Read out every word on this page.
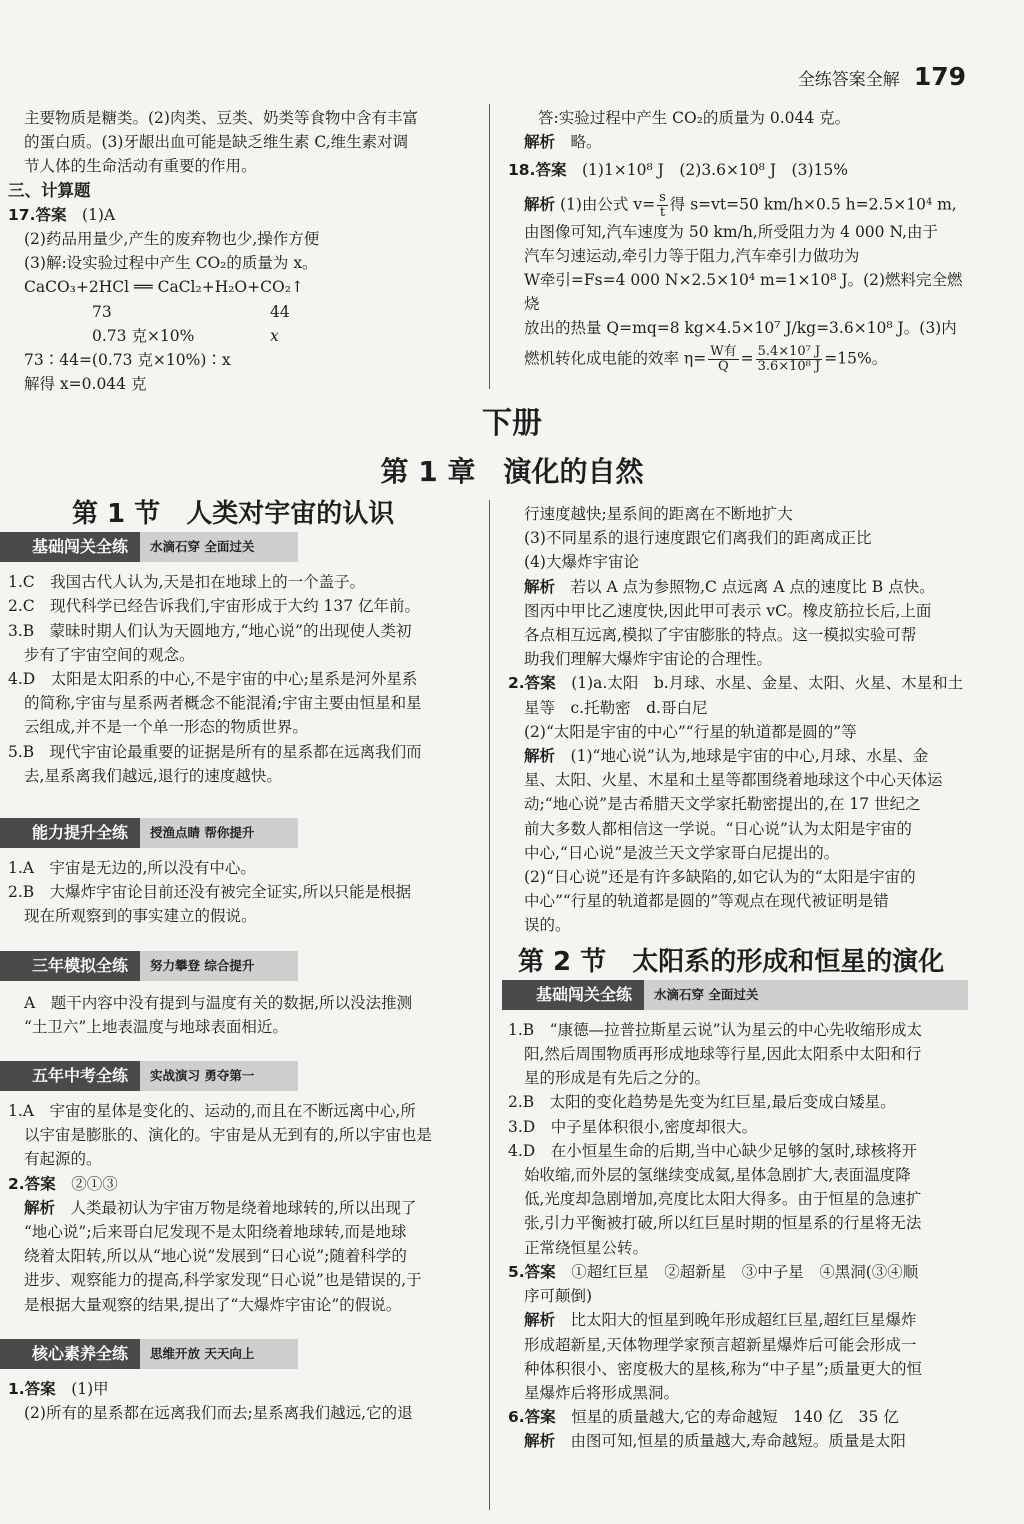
全练答案全解 179

主要物质是糖类。(2)肉类、豆类、奶类等食物中含有丰富

的蛋白质。(3)牙龈出血可能是缺乏维生素 C,维生素对调

节人体的生命活动有重要的作用。

三、计算题

17.答案　 (1)A

(2)药品用量少,产生的废弃物也少,操作方便

(3)解:设实验过程中产生 CO₂的质量为 x。

CaCO₃+2HCl ══ CaCl₂+H₂O+CO₂↑

73	44

0.73 克×10%	x

73∶44=(0.73 克×10%)∶x

解得 x=0.044 克

答:实验过程中产生 CO₂的质量为 0.044 克。

解析　 略。

18.答案　 (1)1×10⁸ J　(2)3.6×10⁸ J　(3)15%

解析 (1)由公式 $v= \frac{s}{t}$ 得 s=vt=50 km/h×0.5 h=2.5×10⁴ m,

由图像可知,汽车速度为 50 km/h,所受阻力为 4 000 N,由于

汽车匀速运动,牵引力等于阻力,汽车牵引力做功为

W牵引=Fs=4 000 N×2.5×10⁴ m=1×10⁸ J。(2)燃料完全燃烧

放出的热量 Q=mq=8 kg×4.5×10⁷ J/kg=3.6×10⁸ J。(3)内

燃机转化成电能的效率 $\eta= \frac{\text{W有}}{Q} = \frac{\text{5.4×10⁷ J}}{\text{3.6×10⁸ J}} =15\%$。

下册
第 1 章 演化的自然

第 1 节　 人类对宇宙的认识

基础闯关全练	水滴石穿 全面过关

1.C　我国古代人认为,天是扣在地球上的一个盖子。

2.C　现代科学已经告诉我们,宇宙形成于大约 137 亿年前。

3.B　蒙昧时期人们认为天圆地方,“地心说”的出现使人类初

步有了宇宙空间的观念。

4.D　太阳是太阳系的中心,不是宇宙的中心;星系是河外星系

的简称,宇宙与星系两者概念不能混淆;宇宙主要由恒星和星

云组成,并不是一个单一形态的物质世界。

5.B　现代宇宙论最重要的证据是所有的星系都在远离我们而

去,星系离我们越远,退行的速度越快。

能力提升全练	授渔点睛 帮你提升

1.A　宇宙是无边的,所以没有中心。

2.B　大爆炸宇宙论目前还没有被完全证实,所以只能是根据

现在所观察到的事实建立的假说。

三年模拟全练	努力攀登 综合提升

A　题干内容中没有提到与温度有关的数据,所以没法推测

“土卫六”上地表温度与地球表面相近。

五年中考全练	实战演习 勇夺第一

1.A　宇宙的星体是变化的、运动的,而且在不断远离中心,所

以宇宙是膨胀的、演化的。宇宙是从无到有的,所以宇宙也是

有起源的。

2.答案　 ②①③

解析　 人类最初认为宇宙万物是绕着地球转的,所以出现了

“地心说”;后来哥白尼发现不是太阳绕着地球转,而是地球

绕着太阳转,所以从“地心说”发展到“日心说”;随着科学的

进步、观察能力的提高,科学家发现“日心说”也是错误的,于

是根据大量观察的结果,提出了“大爆炸宇宙论”的假说。

核心素养全练	思维开放 天天向上

1.答案　 (1)甲

(2)所有的星系都在远离我们而去;星系离我们越远,它的退

行速度越快;星系间的距离在不断地扩大

(3)不同星系的退行速度跟它们离我们的距离成正比

(4)大爆炸宇宙论

解析　 若以 A 点为参照物,C 点远离 A 点的速度比 B 点快。

图丙中甲比乙速度快,因此甲可表示 vC。橡皮筋拉长后,上面

各点相互远离,模拟了宇宙膨胀的特点。这一模拟实验可帮

助我们理解大爆炸宇宙论的合理性。

2.答案　 (1)a.太阳　b.月球、水星、金星、太阳、火星、木星和土

星等　c.托勒密　d.哥白尼

(2)“太阳是宇宙的中心”“行星的轨道都是圆的”等

解析　 (1)“地心说”认为,地球是宇宙的中心,月球、水星、金

星、太阳、火星、木星和土星等都围绕着地球这个中心天体运

动;“地心说”是古希腊天文学家托勒密提出的,在 17 世纪之

前大多数人都相信这一学说。“日心说”认为太阳是宇宙的

中心,“日心说”是波兰天文学家哥白尼提出的。

(2)“日心说”还是有许多缺陷的,如它认为的“太阳是宇宙的

中心”“行星的轨道都是圆的”等观点在现代被证明是错

误的。

第 2 节　 太阳系的形成和恒星的演化

基础闯关全练	水滴石穿 全面过关

1.B　“康德—拉普拉斯星云说”认为星云的中心先收缩形成太

阳,然后周围物质再形成地球等行星,因此太阳系中太阳和行

星的形成是有先后之分的。

2.B　太阳的变化趋势是先变为红巨星,最后变成白矮星。

3.D　中子星体积很小,密度却很大。

4.D　在小恒星生命的后期,当中心缺少足够的氢时,球核将开

始收缩,而外层的氢继续变成氦,星体急剧扩大,表面温度降

低,光度却急剧增加,亮度比太阳大得多。由于恒星的急速扩

张,引力平衡被打破,所以红巨星时期的恒星系的行星将无法

正常绕恒星公转。

5.答案　 ①超红巨星　②超新星　③中子星　④黑洞(③④顺

序可颠倒)

解析　 比太阳大的恒星到晚年形成超红巨星,超红巨星爆炸

形成超新星,天体物理学家预言超新星爆炸后可能会形成一

种体积很小、密度极大的星核,称为“中子星”;质量更大的恒

星爆炸后将形成黑洞。

6.答案　 恒星的质量越大,它的寿命越短　140 亿　35 亿

解析　 由图可知,恒星的质量越大,寿命越短。质量是太阳
